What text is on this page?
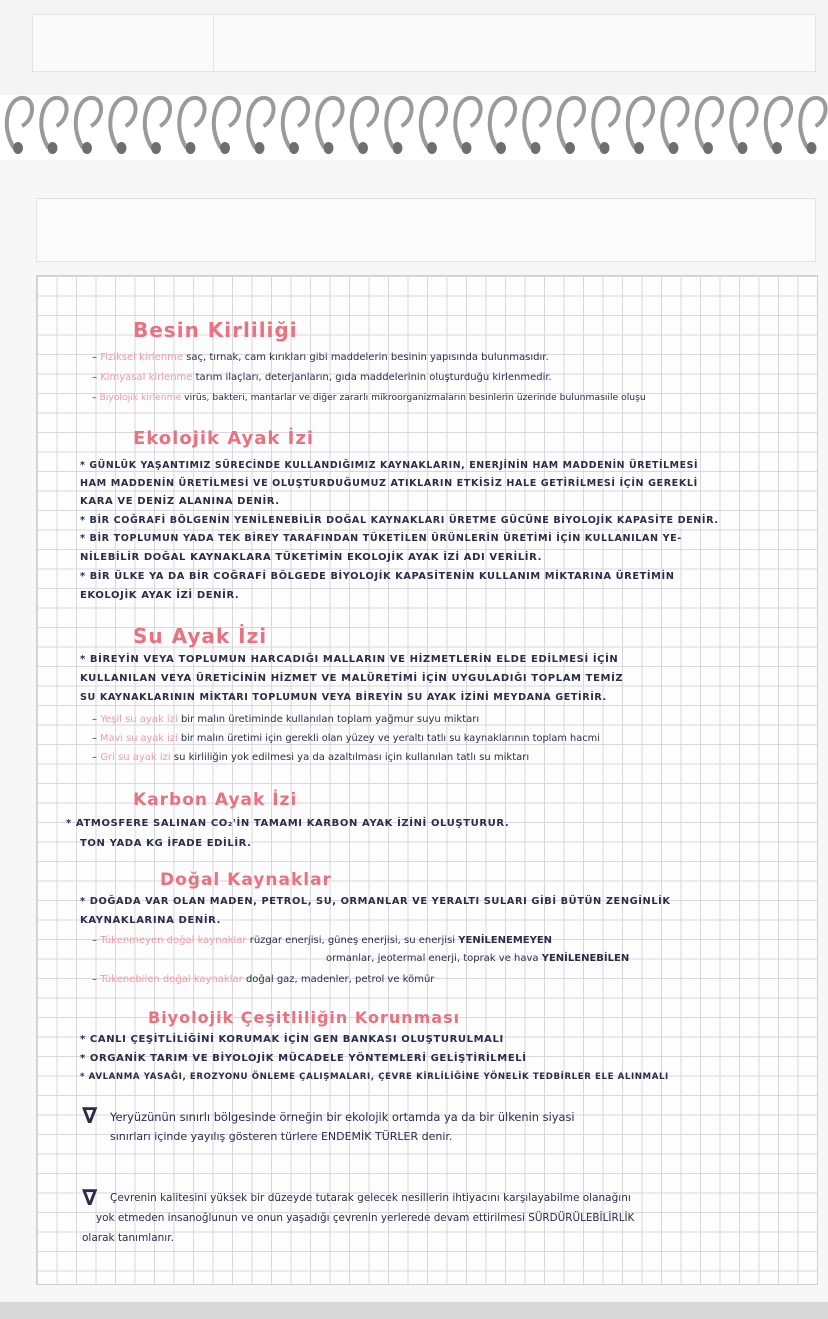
Besin Kirliliği
– Fiziksel kirlenme saç, tırnak, cam kırıkları gibi maddelerin besinin yapısında bulunmasıdır.
– Kimyasal kirlenme tarım ilaçları, deterjanların, gıda maddelerinin oluşturduğu kirlenmedir.
– Biyolojik kirlenme virüs, bakteri, mantarlar ve diğer zararlı mikroorganizmaların besinlerin üzerinde bulunmasıile oluşu
Ekolojik Ayak İzi
* GÜNLÜK YAŞANTIMIZ SÜRECİNDE KULLANDIĞIMIZ KAYNAKLARIN, ENERJİNİN HAM MADDENİN ÜRETİLMESİ
HAM MADDENİN ÜRETİLMESİ VE OLUŞTURDUĞUMUZ ATIKLARIN ETKİSİZ HALE GETİRİLMESİ İÇİN GEREKLİ
KARA VE DENİZ ALANINA DENİR.
* BİR COĞRAFİ BÖLGENİN YENİLENEBİLİR DOĞAL KAYNAKLARI ÜRETME GÜCÜNE BİYOLOJİK KAPASİTE DENİR.
* BİR TOPLUMUN YADA TEK BİREY TARAFINDAN TÜKETİLEN ÜRÜNLERİN ÜRETİMİ İÇİN KULLANILAN YE-
NİLEBİLİR DOĞAL KAYNAKLARA TÜKETİMİN EKOLOJİK AYAK İZİ ADI VERİLİR.
* BİR ÜLKE YA DA BİR COĞRAFİ BÖLGEDE BİYOLOJİK KAPASİTENİN KULLANIM MİKTARINA ÜRETİMİN
EKOLOJİK AYAK İZİ DENİR.
Su Ayak İzi
* BİREYİN VEYA TOPLUMUN HARCADIĞI MALLARIN VE HİZMETLERİN ELDE EDİLMESİ İÇİN
KULLANILAN VEYA ÜRETİCİNİN HİZMET VE MALÜRETİMİ İÇİN UYGULADIĞI TOPLAM TEMİZ
SU KAYNAKLARININ MİKTARI TOPLUMUN VEYA BİREYİN SU AYAK İZİNİ MEYDANA GETİRİR.
– Yeşil su ayak izi bir malın üretiminde kullanılan toplam yağmur suyu miktarı
– Mavi su ayak izi bir malın üretimi için gerekli olan yüzey ve yeraltı tatlı su kaynaklarının toplam hacmi
– Gri su ayak izi su kirliliğin yok edilmesi ya da azaltılması için kullanılan tatlı su miktarı
Karbon Ayak İzi
* ATMOSFERE SALINAN CO₂'İN TAMAMI KARBON AYAK İZİNİ OLUŞTURUR.
TON YADA KG İFADE EDİLİR.
Doğal Kaynaklar
* DOĞADA VAR OLAN MADEN, PETROL, SU, ORMANLAR VE YERALTI SULARI GİBİ BÜTÜN ZENGİNLİK
KAYNAKLARINA DENİR.
– Tükenmeyen doğal kaynaklar rüzgar enerjisi, güneş enerjisi, su enerjisi YENİLENEMEYEN
ormanlar, jeotermal enerji, toprak ve hava YENİLENEBİLEN
– Tükenebilen doğal kaynaklar doğal gaz, madenler, petrol ve kömür
Biyolojik Çeşitliliğin Korunması
* CANLI ÇEŞİTLİLİĞİNİ KORUMAK İÇİN GEN BANKASI OLUŞTURULMALI
* ORGANİK TARIM VE BİYOLOJİK MÜCADELE YÖNTEMLERİ GELİŞTİRİLMELİ
* AVLANMA YASAĞI, EROZYONU ÖNLEME ÇALIŞMALARI, ÇEVRE KİRLİLİĞİNE YÖNELİK TEDBİRLER ELE ALINMALI
∇ Yeryüzünün sınırlı bölgesinde örneğin bir ekolojik ortamda ya da bir ülkenin siyasi
sınırları içinde yayılış gösteren türlere ENDEMİK TÜRLER denir.
∇ Çevrenin kalitesini yüksek bir düzeyde tutarak gelecek nesillerin ihtiyacını karşılayabilme olanağını
yok etmeden insanoğlunun ve onun yaşadığı çevrenin yerlerede devam ettirilmesi SÜRDÜRÜLEBİLİRLİK
olarak tanımlanır.
